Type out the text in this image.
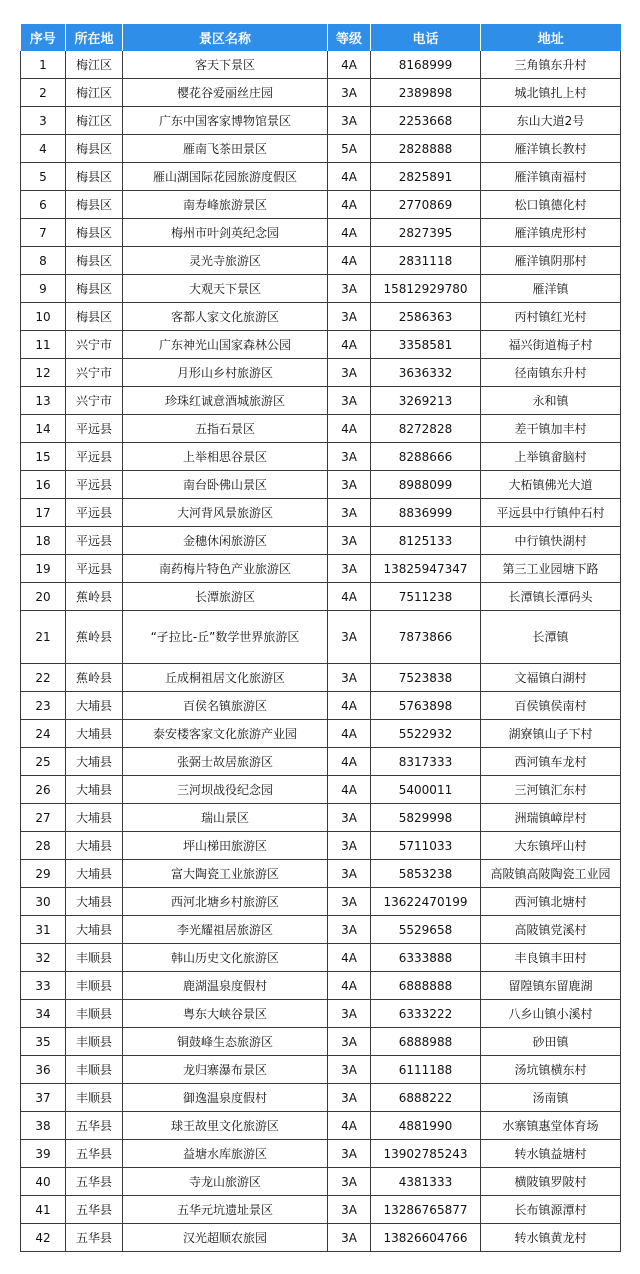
序号	所在地	景区名称	等级	电话	地址
1	梅江区	客天下景区	4A	8168999	三角镇东升村
2	梅江区	樱花谷爱丽丝庄园	3A	2389898	城北镇扎上村
3	梅江区	广东中国客家博物馆景区	3A	2253668	东山大道2号
4	梅县区	雁南飞茶田景区	5A	2828888	雁洋镇长教村
5	梅县区	雁山湖国际花园旅游度假区	4A	2825891	雁洋镇南福村
6	梅县区	南寿峰旅游景区	4A	2770869	松口镇德化村
7	梅县区	梅州市叶剑英纪念园	4A	2827395	雁洋镇虎形村
8	梅县区	灵光寺旅游区	4A	2831118	雁洋镇阴那村
9	梅县区	大观天下景区	3A	15812929780	雁洋镇
10	梅县区	客都人家文化旅游区	3A	2586363	丙村镇红光村
11	兴宁市	广东神光山国家森林公园	4A	3358581	福兴街道梅子村
12	兴宁市	月形山乡村旅游区	3A	3636332	径南镇东升村
13	兴宁市	珍珠红诚意酒城旅游区	3A	3269213	永和镇
14	平远县	五指石景区	4A	8272828	差干镇加丰村
15	平远县	上举相思谷景区	3A	8288666	上举镇畲脑村
16	平远县	南台卧佛山景区	3A	8988099	大柘镇佛光大道
17	平远县	大河背风景旅游区	3A	8836999	平远县中行镇仲石村
18	平远县	金穗休闲旅游区	3A	8125133	中行镇快湖村
19	平远县	南药梅片特色产业旅游区	3A	13825947347	第三工业园塘下路
20	蕉岭县	长潭旅游区	4A	7511238	长潭镇长潭码头
21	蕉岭县	“孑拉比-丘”数学世界旅游区	3A	7873866	长潭镇
22	蕉岭县	丘成桐祖居文化旅游区	3A	7523838	文福镇白湖村
23	大埔县	百侯名镇旅游区	4A	5763898	百侯镇侯南村
24	大埔县	泰安楼客家文化旅游产业园	4A	5522932	湖寮镇山子下村
25	大埔县	张弼士故居旅游区	4A	8317333	西河镇车龙村
26	大埔县	三河坝战役纪念园	4A	5400011	三河镇汇东村
27	大埔县	瑞山景区	3A	5829998	洲瑞镇嶂岸村
28	大埔县	坪山梯田旅游区	3A	5711033	大东镇坪山村
29	大埔县	富大陶瓷工业旅游区	3A	5853238	高陂镇高陂陶瓷工业园
30	大埔县	西河北塘乡村旅游区	3A	13622470199	西河镇北塘村
31	大埔县	李光耀祖居旅游区	3A	5529658	高陂镇党溪村
32	丰顺县	韩山历史文化旅游区	4A	6333888	丰良镇丰田村
33	丰顺县	鹿湖温泉度假村	4A	6888888	留隍镇东留鹿湖
34	丰顺县	粤东大峡谷景区	3A	6333222	八乡山镇小溪村
35	丰顺县	铜鼓峰生态旅游区	3A	6888988	砂田镇
36	丰顺县	龙归寨瀑布景区	3A	6111188	汤坑镇横东村
37	丰顺县	御逸温泉度假村	3A	6888222	汤南镇
38	五华县	球王故里文化旅游区	4A	4881990	水寨镇惠堂体育场
39	五华县	益塘水库旅游区	3A	13902785243	转水镇益塘村
40	五华县	寺龙山旅游区	3A	4381333	横陂镇罗陂村
41	五华县	五华元坑遗址景区	3A	13286765877	长布镇源潭村
42	五华县	汉光超顺农旅园	3A	13826604766	转水镇黄龙村
